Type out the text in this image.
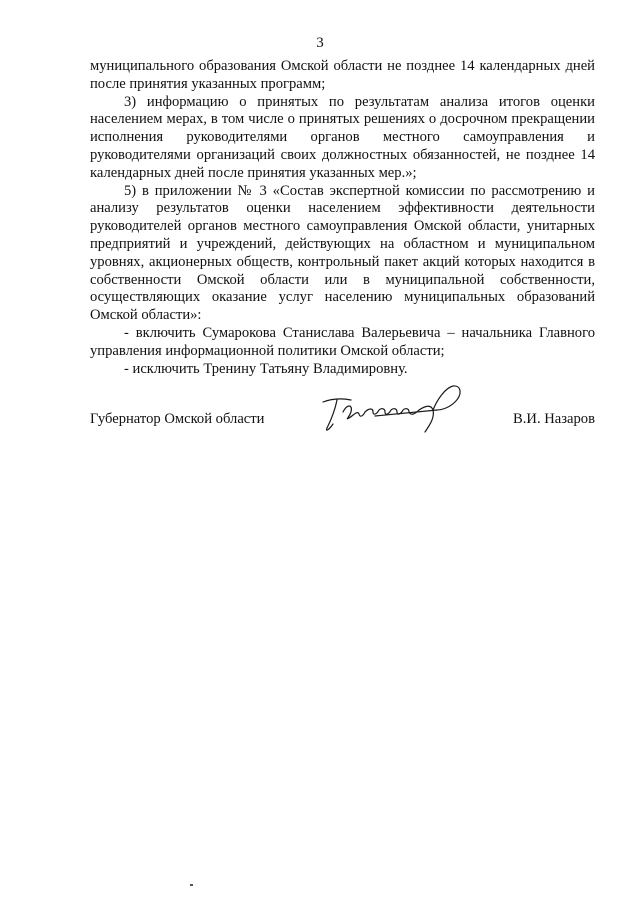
3

муниципального образования Омской области не позднее 14 календарных дней после принятия указанных программ;

3) информацию о принятых по результатам анализа итогов оценки населением мерах, в том числе о принятых решениях о досрочном прекращении исполнения руководителями органов местного самоуправления и руководителями организаций своих должностных обязанностей, не позднее 14 календарных дней после принятия указанных мер.»;

5) в приложении № 3 «Состав экспертной комиссии по рассмотрению и анализу результатов оценки населением эффективности деятельности руководителей органов местного самоуправления Омской области, унитарных предприятий и учреждений, действующих на областном и муниципальном уровнях, акционерных обществ, контрольный пакет акций которых находится в собственности Омской области или в муниципальной собственности, осуществляющих оказание услуг населению муниципальных образований Омской области»:

- включить Сумарокова Станислава Валерьевича – начальника Главного управления информационной политики Омской области;

- исключить Тренину Татьяну Владимировну.

Губернатор Омской области	В.И. Назаров
